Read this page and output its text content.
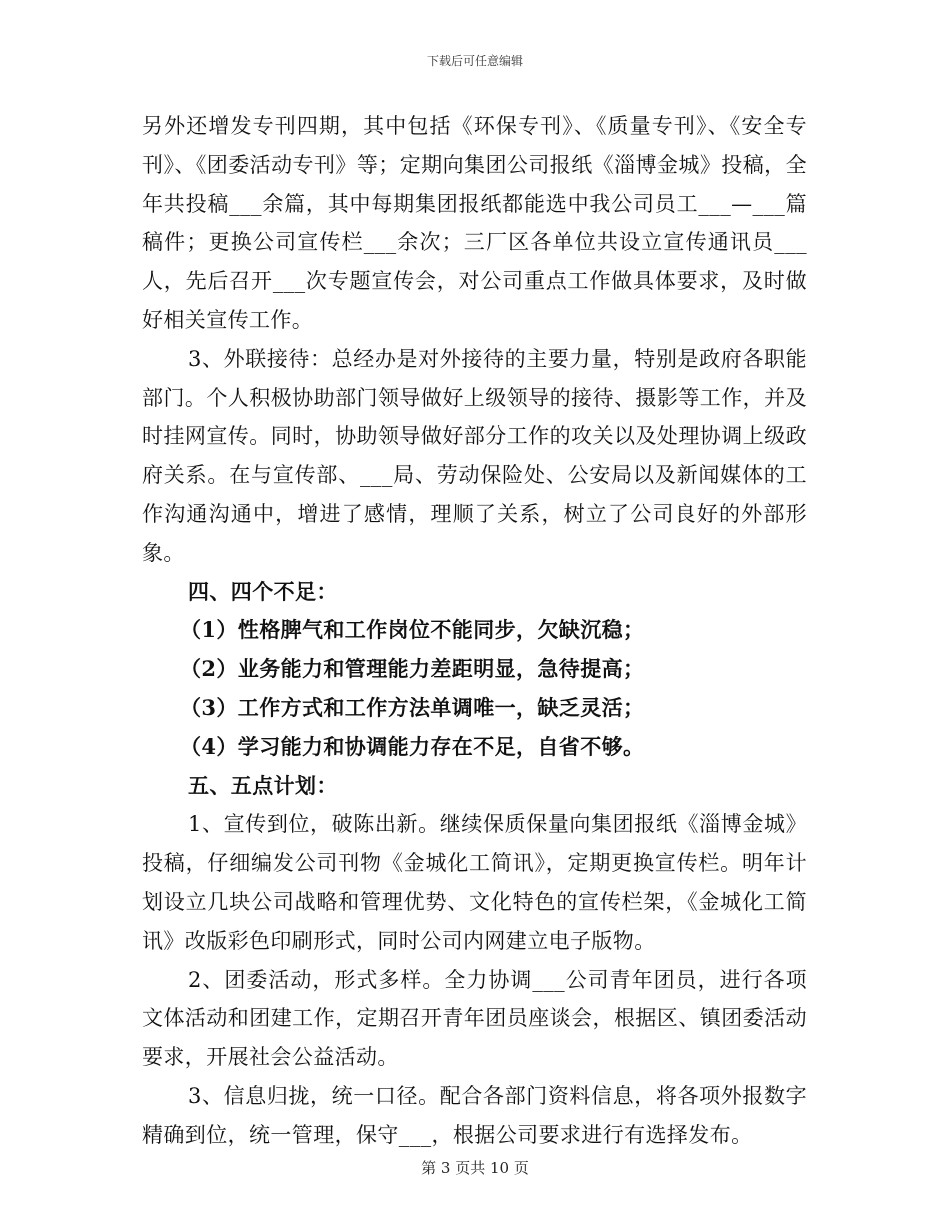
下载后可任意编辑

另外还增发专刊四期，其中包括《环保专刊》、《质量专刊》、《安全专刊》、《团委活动专刊》等；定期向集团公司报纸《淄博金城》投稿，全年共投稿___余篇，其中每期集团报纸都能选中我公司员工___—___篇稿件；更换公司宣传栏___余次；三厂区各单位共设立宣传通讯员___人，先后召开___次专题宣传会，对公司重点工作做具体要求，及时做好相关宣传工作。

3、外联接待：总经办是对外接待的主要力量，特别是政府各职能部门。个人积极协助部门领导做好上级领导的接待、摄影等工作，并及时挂网宣传。同时，协助领导做好部分工作的攻关以及处理协调上级政府关系。在与宣传部、___局、劳动保险处、公安局以及新闻媒体的工作沟通沟通中，增进了感情，理顺了关系，树立了公司良好的外部形象。

四、四个不足：

（1）性格脾气和工作岗位不能同步，欠缺沉稳；

（2）业务能力和管理能力差距明显，急待提高；

（3）工作方式和工作方法单调唯一，缺乏灵活；

（4）学习能力和协调能力存在不足，自省不够。

五、五点计划：

1、宣传到位，破陈出新。继续保质保量向集团报纸《淄博金城》投稿，仔细编发公司刊物《金城化工简讯》，定期更换宣传栏。明年计划设立几块公司战略和管理优势、文化特色的宣传栏架，《金城化工简讯》改版彩色印刷形式，同时公司内网建立电子版物。

2、团委活动，形式多样。全力协调___公司青年团员，进行各项文体活动和团建工作，定期召开青年团员座谈会，根据区、镇团委活动要求，开展社会公益活动。

3、信息归拢，统一口径。配合各部门资料信息，将各项外报数字精确到位，统一管理，保守___，根据公司要求进行有选择发布。

第 3 页共 10 页
